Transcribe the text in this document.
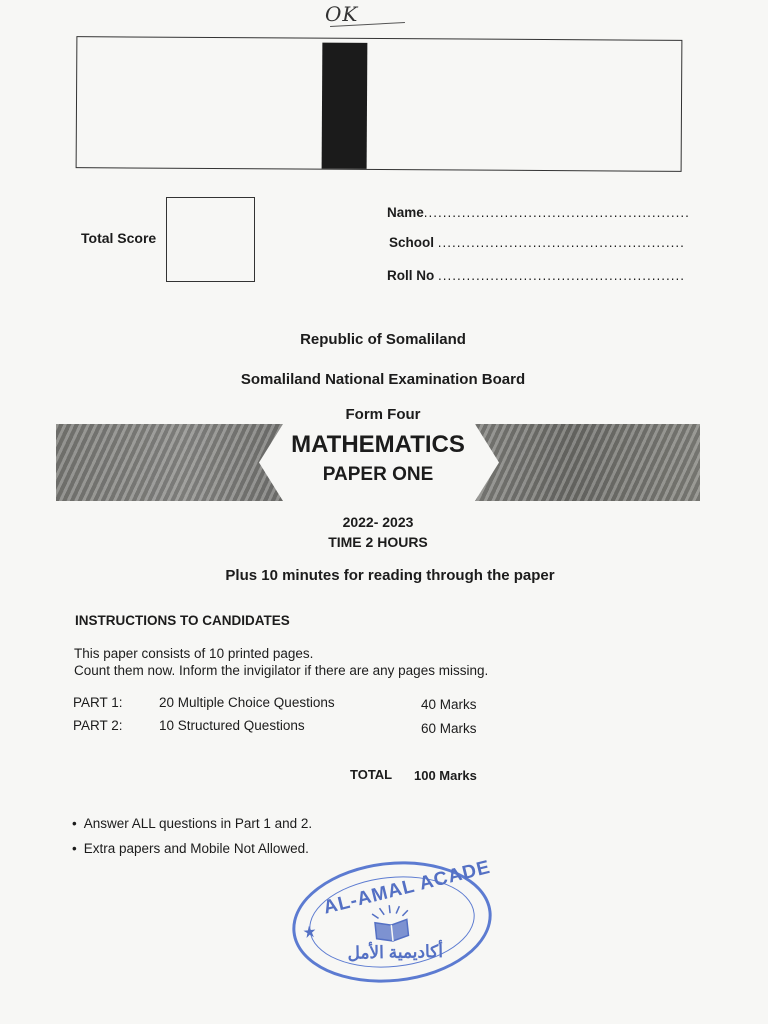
OK
Total Score
Name........................................................
School ....................................................
Roll No ....................................................
Republic of Somaliland
Somaliland National Examination Board
Form Four
MATHEMATICS
PAPER ONE
2022- 2023
TIME 2 HOURS
Plus 10 minutes for reading through the paper
INSTRUCTIONS TO CANDIDATES
This paper consists of 10 printed pages.
Count them now. Inform the invigilator if there are any pages missing.
PART 1:	20 Multiple Choice Questions	40 Marks
PART 2:	10 Structured Questions	60 Marks
TOTAL 100 Marks
• Answer ALL questions in Part 1 and 2.
• Extra papers and Mobile Not Allowed.
AL-AMAL ACADE
أكاديمية الأمل
